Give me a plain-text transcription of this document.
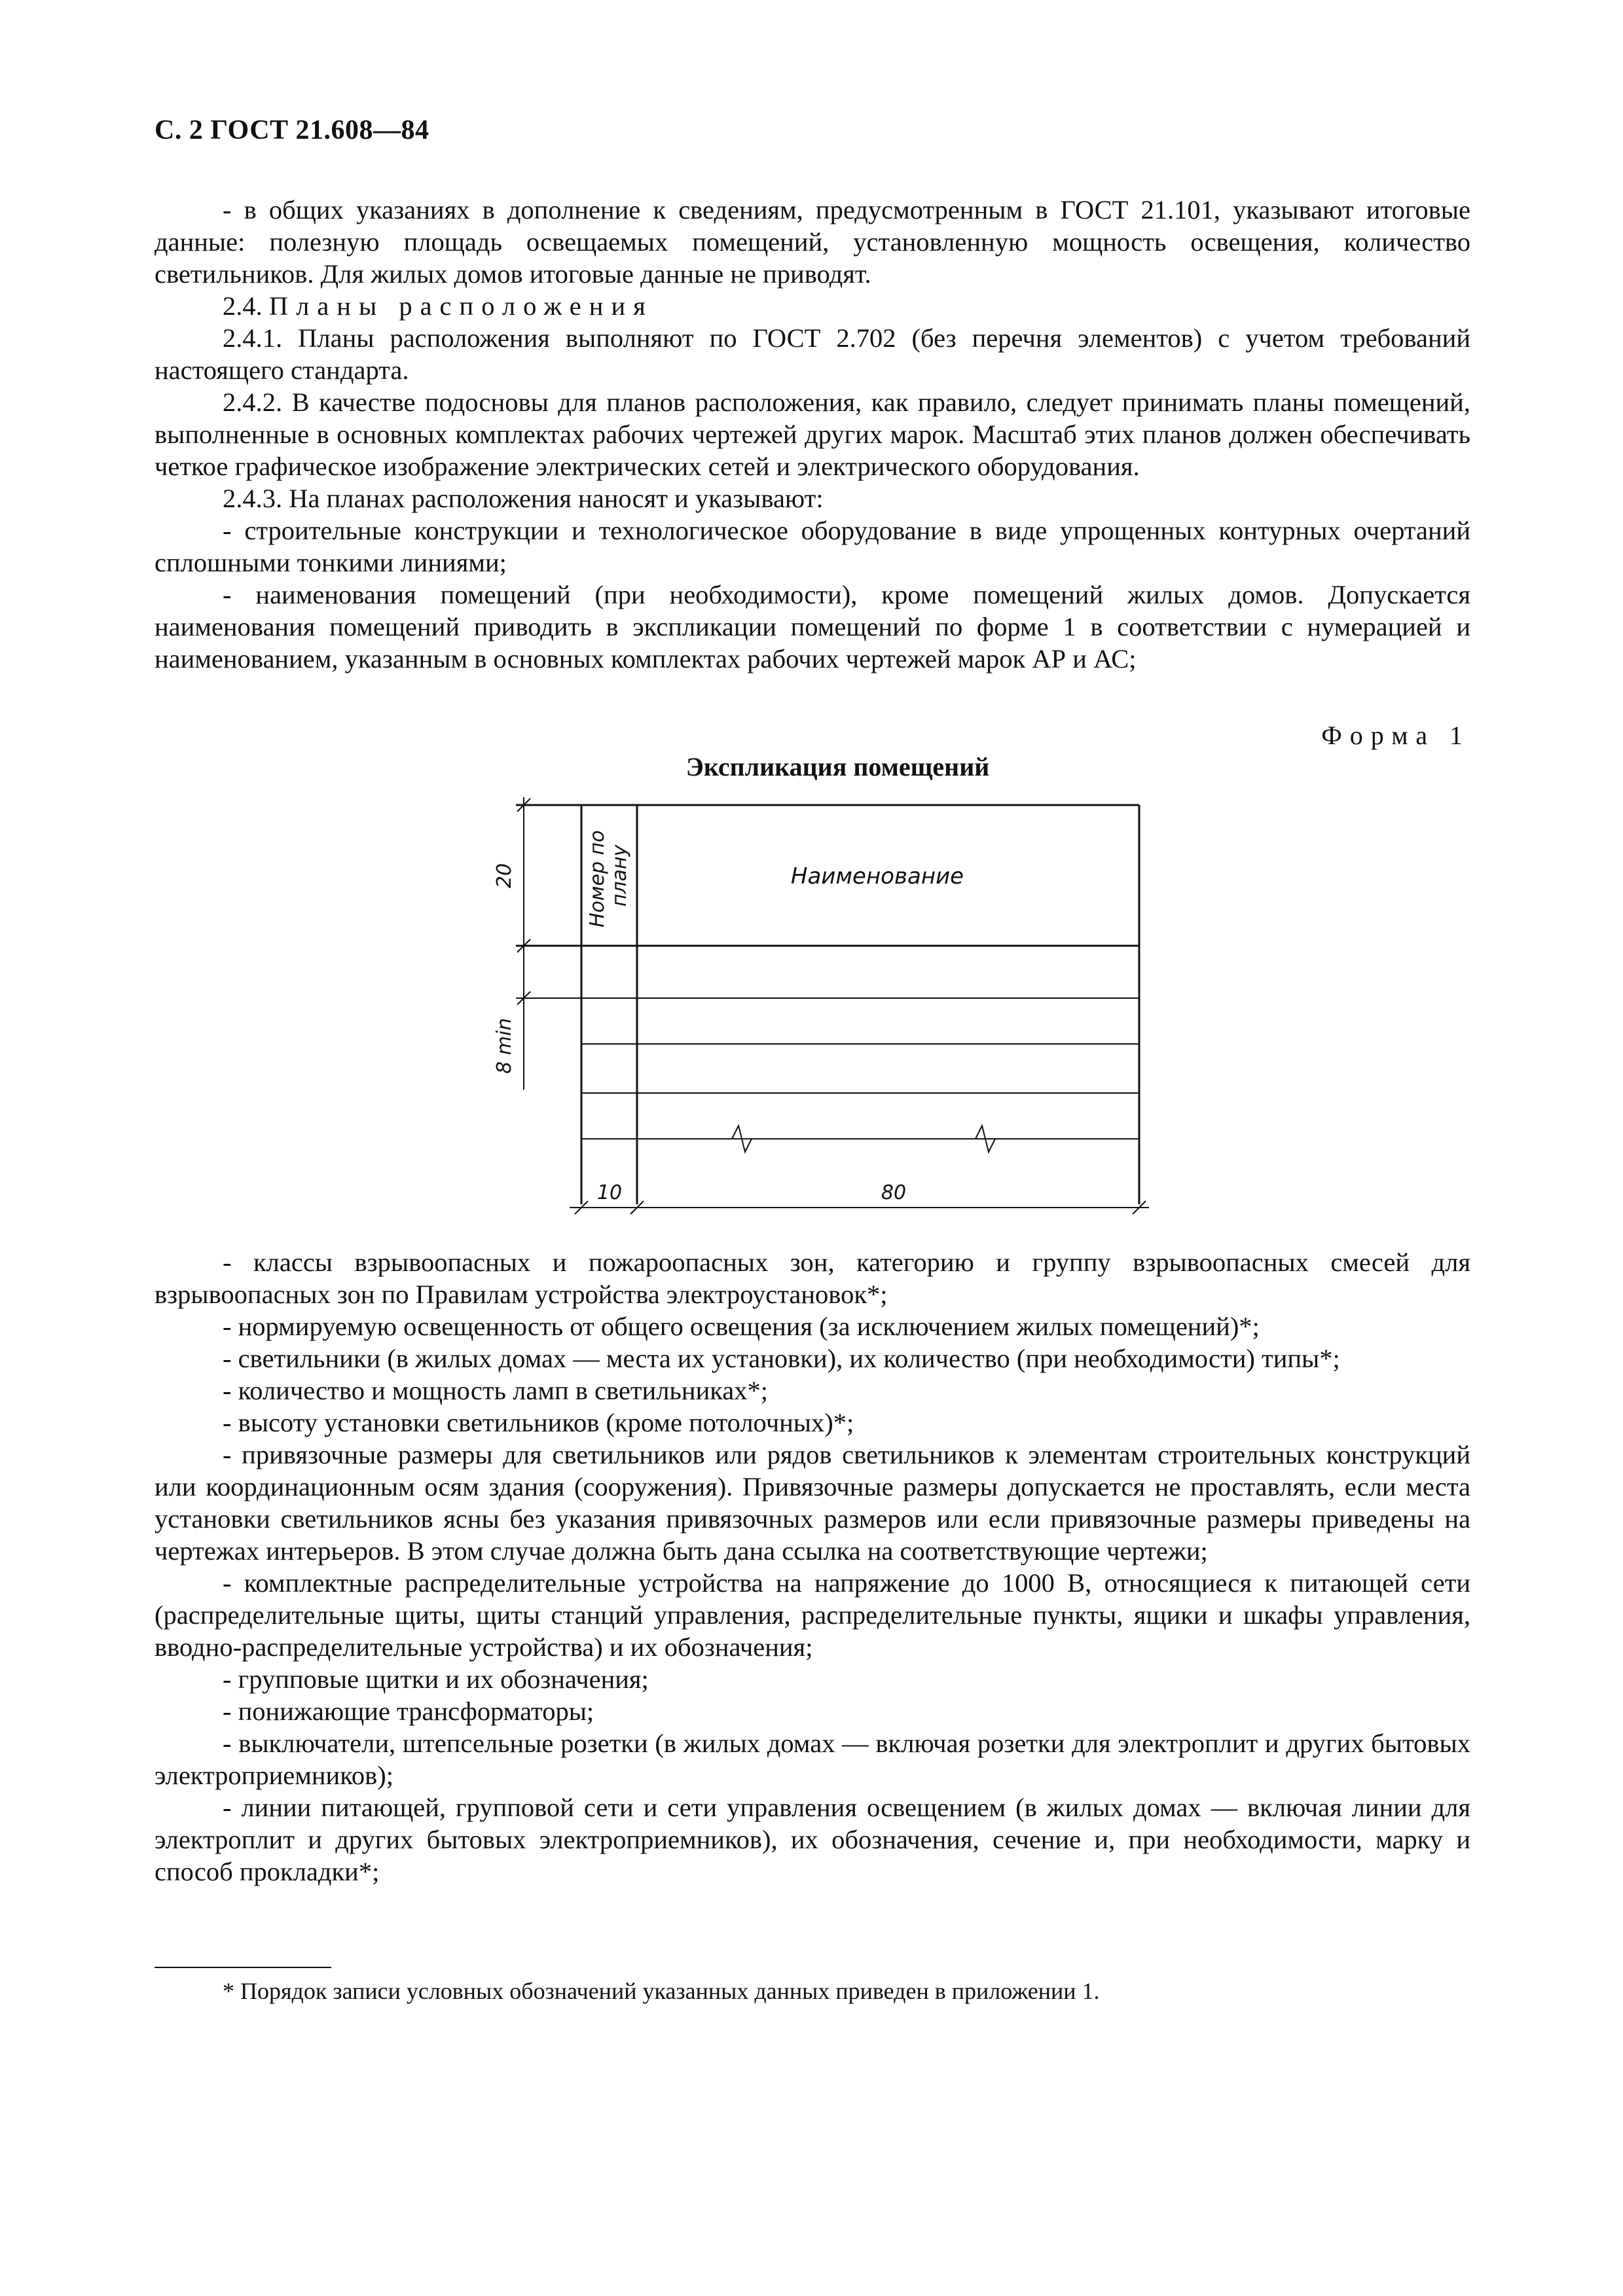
С. 2 ГОСТ 21.608—84

- в общих указаниях в дополнение к сведениям, предусмотренным в ГОСТ 21.101, указывают итоговые данные: полезную площадь освещаемых помещений, установленную мощность освещения, количество светильников. Для жилых домов итоговые данные не приводят.

2.4. Планы расположения

2.4.1. Планы расположения выполняют по ГОСТ 2.702 (без перечня элементов) с учетом требований настоящего стандарта.

2.4.2. В качестве подосновы для планов расположения, как правило, следует принимать планы помещений, выполненные в основных комплектах рабочих чертежей других марок. Масштаб этих планов должен обеспечивать четкое графическое изображение электрических сетей и электрического оборудования.

2.4.3. На планах расположения наносят и указывают:

- строительные конструкции и технологическое оборудование в виде упрощенных контурных очертаний сплошными тонкими линиями;

- наименования помещений (при необходимости), кроме помещений жилых домов. Допускается наименования помещений приводить в экспликации помещений по форме 1 в соответствии с нумерацией и наименованием, указанным в основных комплектах рабочих чертежей марок АР и АС;

Форма 1
Экспликация помещений
Номер по плану	Наименование
20
8 min
10	80

- классы взрывоопасных и пожароопасных зон, категорию и группу взрывоопасных смесей для взрывоопасных зон по Правилам устройства электроустановок*;

- нормируемую освещенность от общего освещения (за исключением жилых помещений)*;

- светильники (в жилых домах — места их установки), их количество (при необходимости) типы*;

- количество и мощность ламп в светильниках*;

- высоту установки светильников (кроме потолочных)*;

- привязочные размеры для светильников или рядов светильников к элементам строительных конструкций или координационным осям здания (сооружения). Привязочные размеры допускается не проставлять, если места установки светильников ясны без указания привязочных размеров или если привязочные размеры приведены на чертежах интерьеров. В этом случае должна быть дана ссылка на соответствующие чертежи;

- комплектные распределительные устройства на напряжение до 1000 В, относящиеся к питающей сети (распределительные щиты, щиты станций управления, распределительные пункты, ящики и шкафы управления, вводно-распределительные устройства) и их обозначения;

- групповые щитки и их обозначения;

- понижающие трансформаторы;

- выключатели, штепсельные розетки (в жилых домах — включая розетки для электроплит и других бытовых электроприемников);

- линии питающей, групповой сети и сети управления освещением (в жилых домах — включая линии для электроплит и других бытовых электроприемников), их обозначения, сечение и, при необходимости, марку и способ прокладки*;

* Порядок записи условных обозначений указанных данных приведен в приложении 1.
